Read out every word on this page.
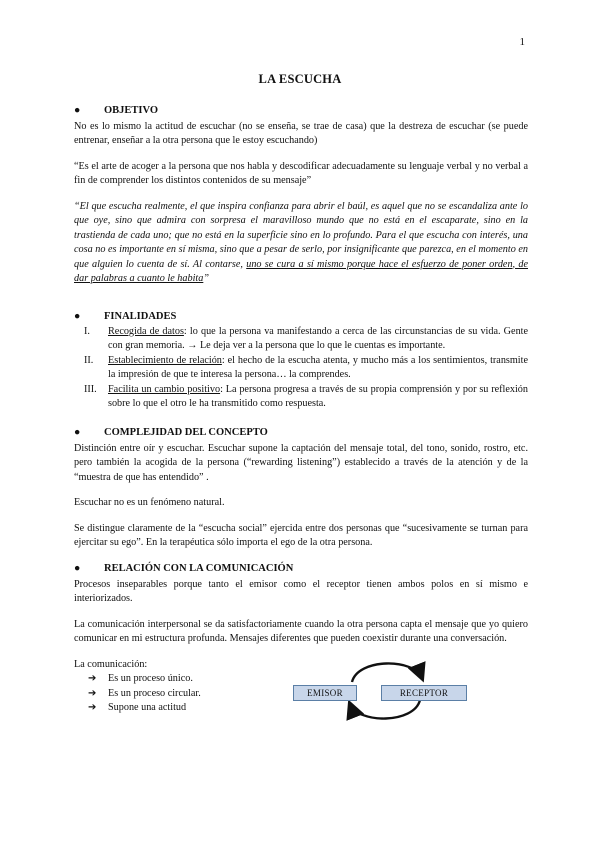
1
LA ESCUCHA
● OBJETIVO

No es lo mismo la actitud de escuchar (no se enseña, se trae de casa) que la destreza de escuchar (se puede entrenar, enseñar a la otra persona que le estoy escuchando)

“Es el arte de acoger a la persona que nos habla y descodificar adecuadamente su lenguaje verbal y no verbal a fin de comprender los distintos contenidos de su mensaje”

“El que escucha realmente, el que inspira confianza para abrir el baúl, es aquel que no se escandaliza ante lo que oye, sino que admira con sorpresa el maravilloso mundo que no está en el escaparate, sino en la trastienda de cada uno; que no está en la superficie sino en lo profundo. Para el que escucha con interés, una cosa no es importante en sí misma, sino que a pesar de serlo, por insignificante que parezca, en el momento en que alguien lo cuenta de sí. Al contarse, uno se cura a sí mismo porque hace el esfuerzo de poner orden, de dar palabras a cuanto le habita”

● FINALIDADES
I. Recogida de datos: lo que la persona va manifestando a cerca de las circunstancias de su vida. Gente con gran memoria. → Le deja ver a la persona que lo que le cuentas es importante.
II. Establecimiento de relación: el hecho de la escucha atenta, y mucho más a los sentimientos, transmite la impresión de que te interesa la persona… la comprendes.
III. Facilita un cambio positivo: La persona progresa a través de su propia comprensión y por su reflexión sobre lo que el otro le ha transmitido como respuesta.
● COMPLEJIDAD DEL CONCEPTO

Distinción entre oír y escuchar. Escuchar supone la captación del mensaje total, del tono, sonido, rostro, etc. pero también la acogida de la persona (“rewarding listening”) establecido a través de la atención y de la “muestra de que has entendido” .

Escuchar no es un fenómeno natural.

Se distingue claramente de la “escucha social” ejercida entre dos personas que “sucesivamente se turnan para ejercitar su ego”. En la terapéutica sólo importa el ego de la otra persona.

● RELACIÓN CON LA COMUNICACIÓN

Procesos inseparables porque tanto el emisor como el receptor tienen ambos polos en sí mismo e interiorizados.

La comunicación interpersonal se da satisfactoriamente cuando la otra persona capta el mensaje que yo quiero comunicar en mi estructura profunda. Mensajes diferentes que pueden coexistir durante una conversación.

La comunicación:

➔ Es un proceso único.
➔ Es un proceso circular.
➔ Supone una actitud
EMISOR	RECEPTOR
